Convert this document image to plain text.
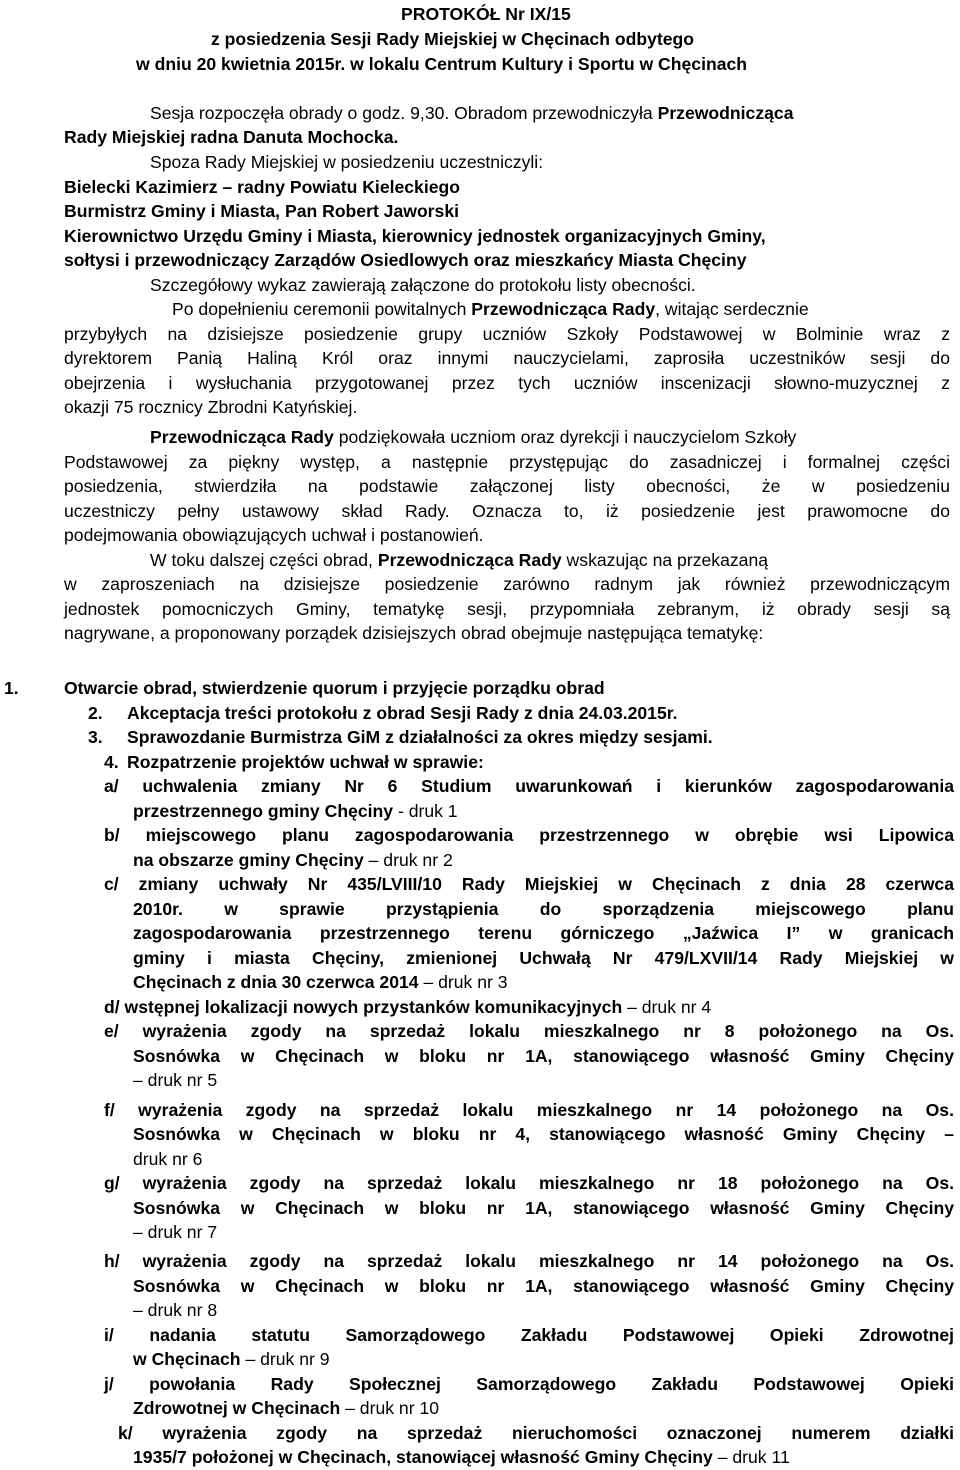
PROTOKÓŁ Nr IX/15
z posiedzenia Sesji Rady Miejskiej w Chęcinach odbytego
w dniu 20 kwietnia 2015r. w lokalu Centrum Kultury i Sportu w Chęcinach
Sesja rozpoczęła obrady o godz. 9,30. Obradom przewodniczyła Przewodnicząca
Rady Miejskiej radna Danuta Mochocka.
Spoza Rady Miejskiej w posiedzeniu uczestniczyli:
Bielecki Kazimierz – radny Powiatu Kieleckiego
Burmistrz Gminy i Miasta, Pan Robert Jaworski
Kierownictwo Urzędu Gminy i Miasta, kierownicy jednostek organizacyjnych Gminy,
sołtysi i przewodniczący Zarządów Osiedlowych oraz mieszkańcy Miasta Chęciny
Szczegółowy wykaz zawierają załączone do protokołu listy obecności.
Po dopełnieniu ceremonii powitalnych Przewodnicząca Rady, witając serdecznie
przybyłych na dzisiejsze posiedzenie grupy uczniów Szkoły Podstawowej w Bolminie wraz z
dyrektorem Panią Haliną Król oraz innymi nauczycielami, zaprosiła uczestników sesji do
obejrzenia i wysłuchania przygotowanej przez tych uczniów inscenizacji słowno-muzycznej z
okazji 75 rocznicy Zbrodni Katyńskiej.
Przewodnicząca Rady podziękowała uczniom oraz dyrekcji i nauczycielom Szkoły
Podstawowej za piękny występ, a następnie przystępując do zasadniczej i formalnej części
posiedzenia, stwierdziła na podstawie załączonej listy obecności, że w posiedzeniu
uczestniczy pełny ustawowy skład Rady. Oznacza to, iż posiedzenie jest prawomocne do
podejmowania obowiązujących uchwał i postanowień.
W toku dalszej części obrad, Przewodnicząca Rady wskazując na przekazaną
w zaproszeniach na dzisiejsze posiedzenie zarówno radnym jak również przewodniczącym
jednostek pomocniczych Gminy, tematykę sesji, przypomniała zebranym, iż obrady sesji są
nagrywane, a proponowany porządek dzisiejszych obrad obejmuje następująca tematykę:
1.	Otwarcie obrad, stwierdzenie quorum i przyjęcie porządku obrad
2. Akceptacja treści protokołu z obrad Sesji Rady z dnia 24.03.2015r.
3. Sprawozdanie Burmistrza GiM z działalności za okres między sesjami.
4. Rozpatrzenie projektów uchwał w sprawie:
a/ uchwalenia zmiany Nr 6 Studium uwarunkowań i kierunków zagospodarowania
przestrzennego gminy Chęciny - druk 1
b/ miejscowego planu zagospodarowania przestrzennego w obrębie wsi Lipowica
na obszarze gminy Chęciny – druk nr 2
c/ zmiany uchwały Nr 435/LVIII/10 Rady Miejskiej w Chęcinach z dnia 28 czerwca
2010r. w sprawie przystąpienia do sporządzenia miejscowego planu
zagospodarowania przestrzennego terenu górniczego „Jaźwica I” w granicach
gminy i miasta Chęciny, zmienionej Uchwałą Nr 479/LXVII/14 Rady Miejskiej w
Chęcinach z dnia 30 czerwca 2014 – druk nr 3
d/ wstępnej lokalizacji nowych przystanków komunikacyjnych – druk nr 4
e/ wyrażenia zgody na sprzedaż lokalu mieszkalnego nr 8 położonego na Os.
Sosnówka w Chęcinach w bloku nr 1A, stanowiącego własność Gminy Chęciny
– druk nr 5
f/ wyrażenia zgody na sprzedaż lokalu mieszkalnego nr 14 położonego na Os.
Sosnówka w Chęcinach w bloku nr 4, stanowiącego własność Gminy Chęciny –
druk nr 6
g/ wyrażenia zgody na sprzedaż lokalu mieszkalnego nr 18 położonego na Os.
Sosnówka w Chęcinach w bloku nr 1A, stanowiącego własność Gminy Chęciny
– druk nr 7
h/ wyrażenia zgody na sprzedaż lokalu mieszkalnego nr 14 położonego na Os.
Sosnówka w Chęcinach w bloku nr 1A, stanowiącego własność Gminy Chęciny
– druk nr 8
i/ nadania statutu Samorządowego Zakładu Podstawowej Opieki Zdrowotnej
w Chęcinach – druk nr 9
j/ powołania Rady Społecznej Samorządowego Zakładu Podstawowej Opieki
Zdrowotnej w Chęcinach – druk nr 10
k/ wyrażenia zgody na sprzedaż nieruchomości oznaczonej numerem działki
1935/7 położonej w Chęcinach, stanowiącej własność Gminy Chęciny – druk 11
